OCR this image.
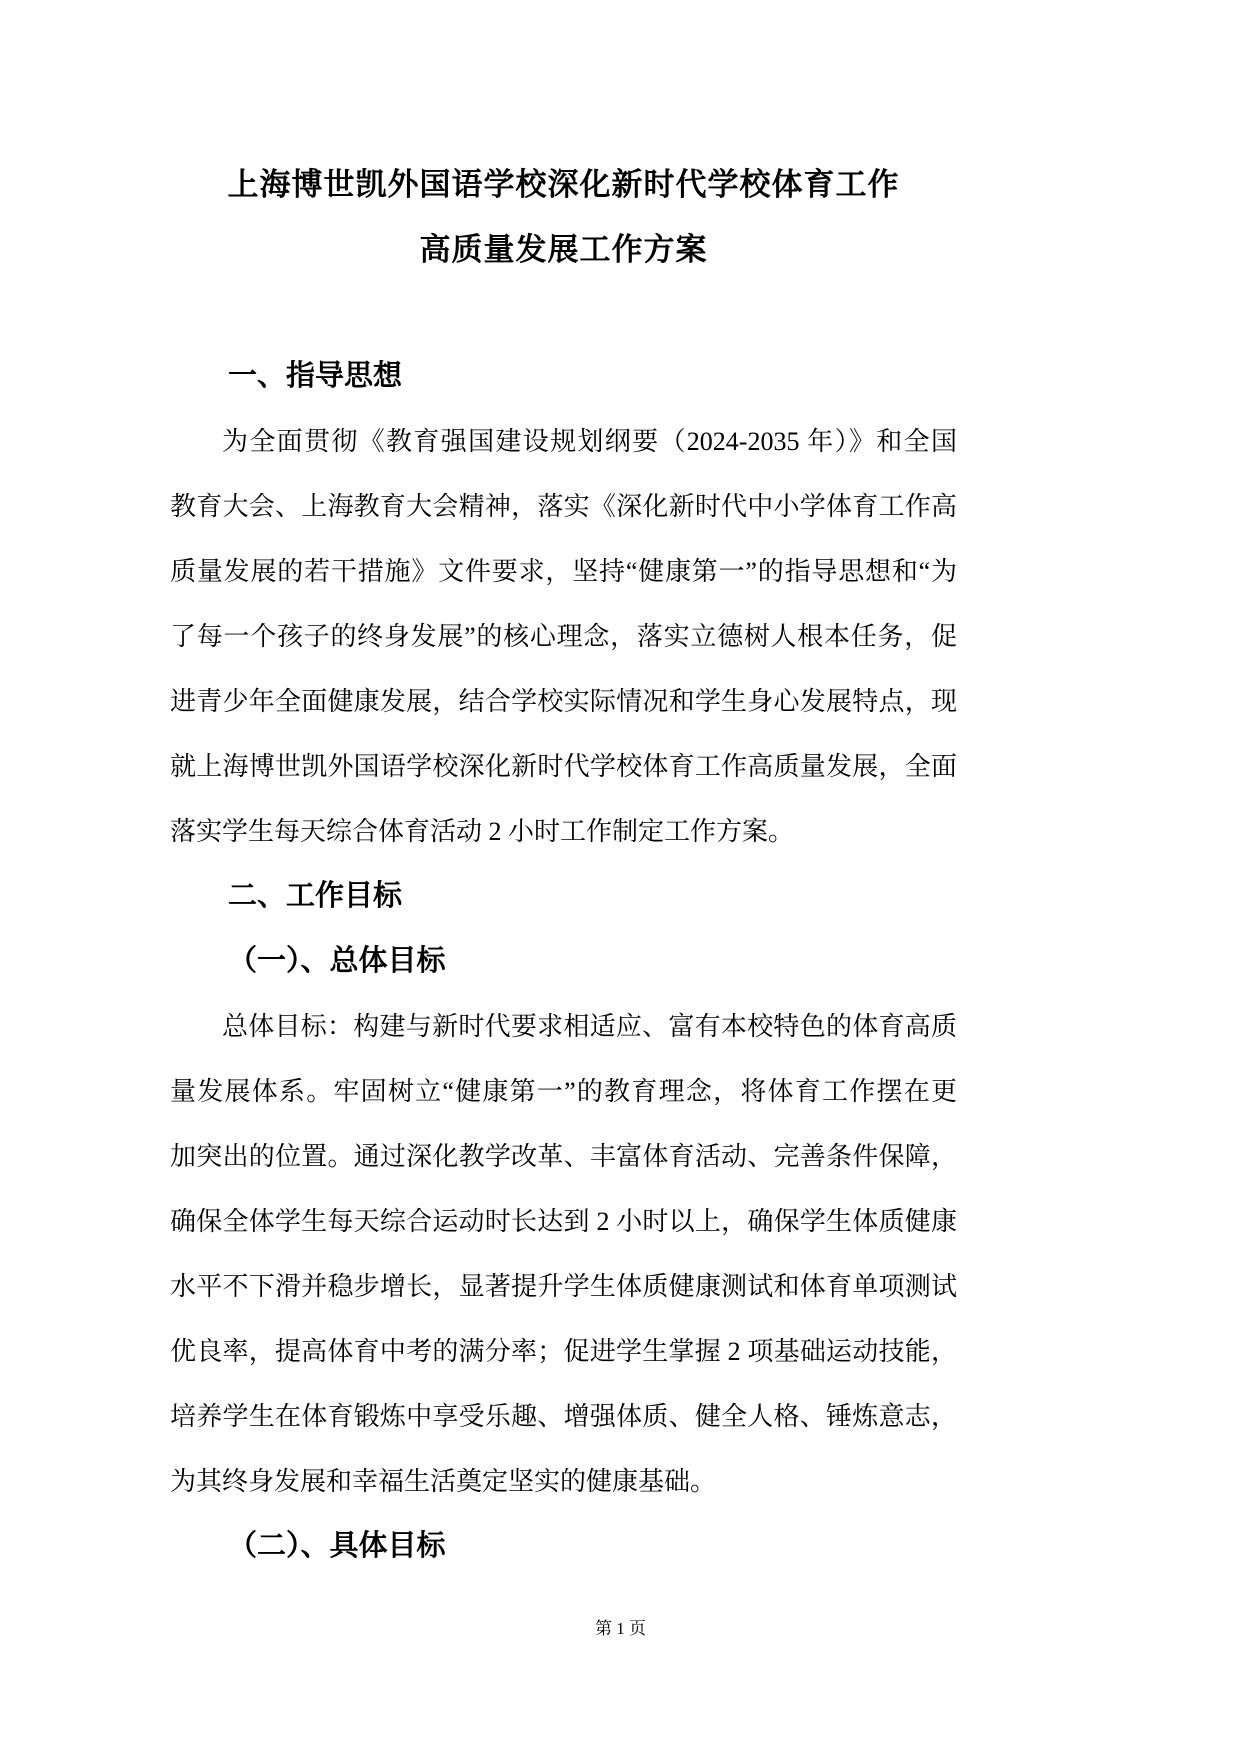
上海博世凯外国语学校深化新时代学校体育工作
高质量发展工作方案
一、指导思想
为全面贯彻《教育强国建设规划纲要（2024-2035 年）》和全国
教育大会、上海教育大会精神，落实《深化新时代中小学体育工作高
质量发展的若干措施》文件要求，坚持“健康第一”的指导思想和“为
了每一个孩子的终身发展”的核心理念，落实立德树人根本任务，促
进青少年全面健康发展，结合学校实际情况和学生身心发展特点，现
就上海博世凯外国语学校深化新时代学校体育工作高质量发展，全面
落实学生每天综合体育活动 2 小时工作制定工作方案。
二、工作目标
（一）、总体目标
总体目标：构建与新时代要求相适应、富有本校特色的体育高质
量发展体系。牢固树立“健康第一”的教育理念，将体育工作摆在更
加突出的位置。通过深化教学改革、丰富体育活动、完善条件保障，
确保全体学生每天综合运动时长达到 2 小时以上，确保学生体质健康
水平不下滑并稳步增长，显著提升学生体质健康测试和体育单项测试
优良率，提高体育中考的满分率；促进学生掌握 2 项基础运动技能，
培养学生在体育锻炼中享受乐趣、增强体质、健全人格、锤炼意志，
为其终身发展和幸福生活奠定坚实的健康基础。
（二）、具体目标
第 1 页
